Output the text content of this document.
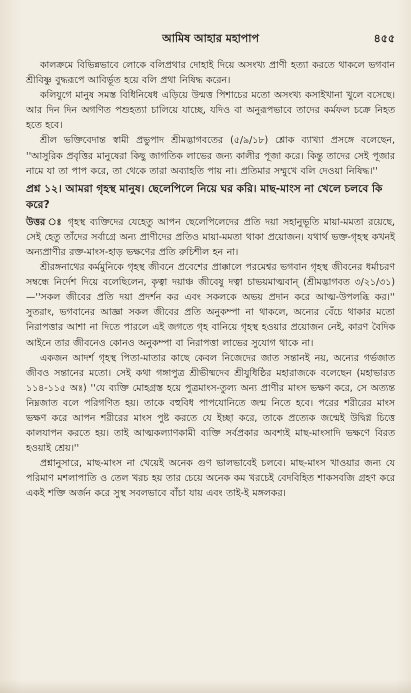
আমিষ আহার মহাপাপ	৪৫৫

কালক্রমে বিভিন্নভাবে লোকে বলিপ্রথার দোহাই দিয়ে অসংখ্য প্রাণী হত্যা করতে থাকলে ভগবান শ্রীবিষ্ণু বুদ্ধরূপে আবির্ভূত হয়ে বলি প্রথা নিষিদ্ধ করেন।

কলিযুগে মানুষ সমস্ত বিধিনিষেধ এড়িয়ে উন্মত্ত পিশাচের মতো অসংখ্য কসাইখানা খুলে বসেছে। আর দিন দিন অগণিত পশুহত্যা চালিয়ে যাচ্ছে, যদিও বা অনুরূপভাবে তাদের কর্মফল চক্রে নিহত হতে হবে।

শ্রীল ভক্তিবেদান্ত স্বামী প্রভুপাদ শ্রীমদ্ভাগবতের (৫/৯/১৮) শ্লোক ব্যাখ্যা প্রসঙ্গে বলেছেন, ''আসুরিক প্রবৃত্তির মানুষেরা কিছু জাগতিক লাভের জন্য কালীর পূজা করে। কিন্তু তাদের সেই পূজার নামে যা তা পাপ করে, তা থেকে তারা অব্যাহতি পায় না। প্রতিমার সম্মুখে বলি দেওয়া নিষিদ্ধ।''

প্রশ্ন ১২। আমরা গৃহস্থ মানুষ। ছেলেপিলে নিয়ে ঘর করি। মাছ-মাংস না খেলে চলবে কি করে?

উত্তর ঃ গৃহস্থ ব্যক্তিদের যেহেতু আপন ছেলেপিলেদের প্রতি দয়া সহানুভূতি মায়া-মমতা রয়েছে, সেই হেতু তাঁদের সর্বাগ্রে অন্য প্রাণীদের প্রতিও মায়া-মমতা থাকা প্রয়োজন। যথার্থ ভক্ত-গৃহস্থ কখনই অন্যপ্রাণীর রক্ত-মাংস-হাড় ভক্ষণের প্রতি রুচিশীল হন না।

শ্রীরঙ্গনাথের কর্মমুনিকে গৃহস্থ জীবনে প্রবেশের প্রাক্কালে পরমেশ্বর ভগবান গৃহস্থ জীবনের ধর্মাচরণ সম্বন্ধে নির্দেশ দিয়ে বলেছিলেন, কৃত্বা দয়াঞ্চ জীবেষু দত্বা চাভয়মাত্মবান্ (শ্রীমদ্ভাগবত ৩/২১/৩১)—''সকল জীবের প্রতি দয়া প্রদর্শন কর এবং সকলকে অভয় প্রদান করে আত্ম-উপলব্ধি কর।'' সুতরাং, ভগবানের আজ্ঞা সকল জীবের প্রতি অনুকম্পা না থাকলে, অন্যের বেঁচে থাকার মতো নিরাপত্তার আশা না দিতে পারলে এই জগতে গৃহ বানিয়ে গৃহস্থ হওয়ার প্রয়োজন নেই, কারণ বৈদিক আইনে তার জীবনেও কোনও অনুকম্পা বা নিরাপত্তা লাভের সুযোগ থাকে না।

একজন আদর্শ গৃহস্থ পিতা-মাতার কাছে কেবল নিজেদের জাত সন্তানই নয়, অন্যের গর্ভজাত জীবও সন্তানের মতো। সেই কথা গঙ্গাপুত্র শ্রীভীষ্মদেব শ্রীযুধিষ্ঠির মহারাজকে বলেছেন (মহাভারত ১১৪-১১৫ অঃ) ''যে ব্যক্তি মোহগ্রস্ত হয়ে পুত্রমাংস-তুল্য অন্য প্রাণীর মাংস ভক্ষণ করে, সে অত্যন্ত নিম্নজাত বলে পরিগণিত হয়। তাকে বহুবিধ পাপযোনিতে জন্ম নিতে হবে। পরের শরীরের মাংস ভক্ষণ করে আপন শরীরের মাংস পুষ্ট করতে যে ইচ্ছা করে, তাকে প্রত্যেক জন্মেই উদ্বিগ্ন চিত্তে কালযাপন করতে হয়। তাই আত্মকল্যাণকামী ব্যক্তি সর্বপ্রকার অবশ্যই মাছ-মাংসাদি ভক্ষণে বিরত হওয়াই শ্রেয়।''

প্রশ্নানুসারে, মাছ-মাংস না খেয়েই অনেক গুণ ভালভাবেই চলবে। মাছ-মাংস খাওয়ার জন্য যে পরিমাণ মশলাপাতি ও তেল খরচ হয় তার চেয়ে অনেক কম খরচেই বেদবিহিত শাকসবজি গ্রহণ করে একই শক্তি অর্জন করে সুস্থ সবলভাবে বাঁচা যায় এবং তাই-ই মঙ্গলকর।
